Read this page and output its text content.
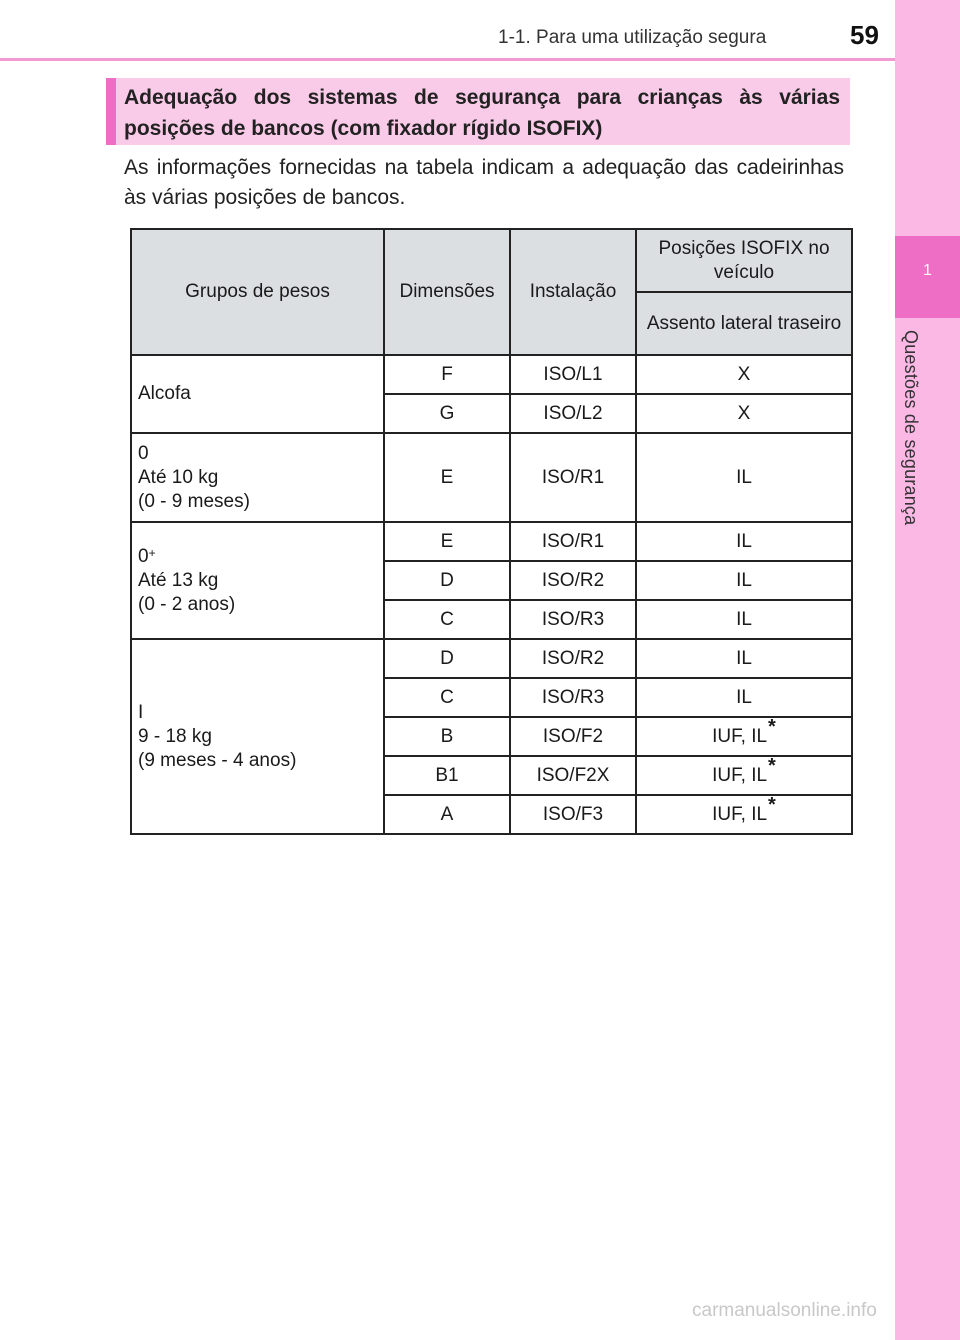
1
Questões de segurança
1-1. Para uma utilização segura	59
Adequação dos sistemas de segurança para crianças às várias posições de bancos (com fixador rígido ISOFIX)
As informações fornecidas na tabela indicam a adequação das cadeirinhas às várias posições de bancos.
Grupos de pesos	Dimensões	Instalação	Posições ISOFIX no veículo
			Assento lateral traseiro

Alcofa	F	ISO/L1	X
	G	ISO/L2	X

0
Até 10 kg
(0 - 9 meses)	E	ISO/R1	IL

0+
Até 13 kg
(0 - 2 anos)	E	ISO/R1	IL
	D	ISO/R2	IL
	C	ISO/R3	IL

I
9 - 18 kg
(9 meses - 4 anos)	D	ISO/R2	IL
	C	ISO/R3	IL
	B	ISO/F2	IUF, IL*
	B1	ISO/F2X	IUF, IL*
	A	ISO/F3	IUF, IL*
carmanualsonline.info
